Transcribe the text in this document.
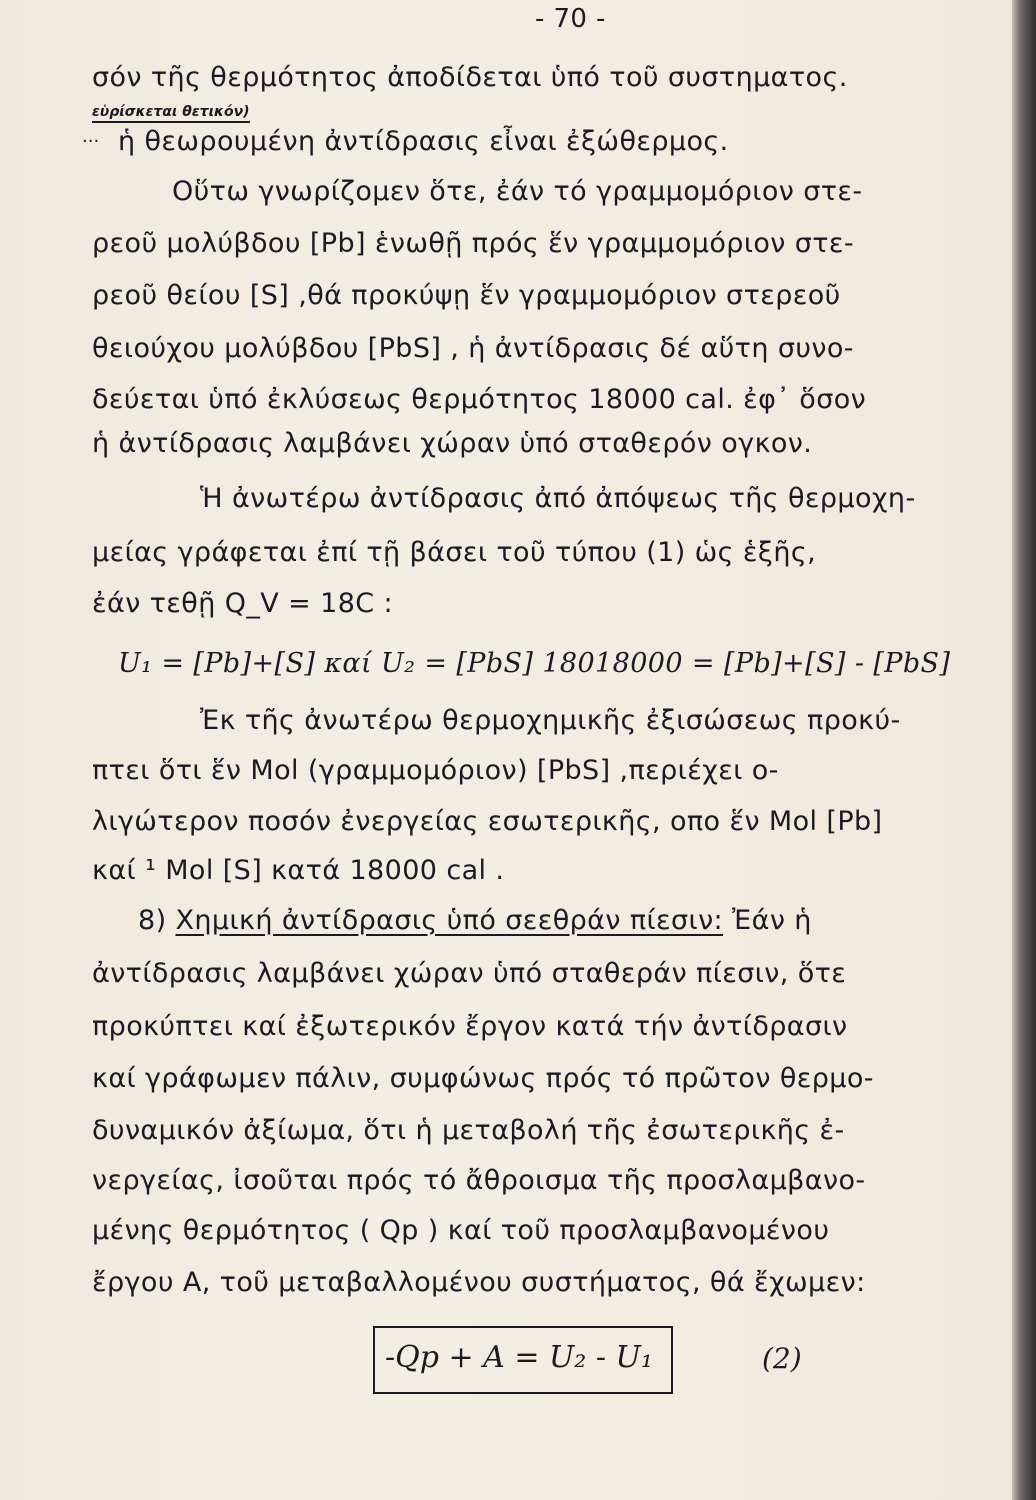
- 70 -
σόν τῆς θερμότητος ἀποδίδεται ὑπό τοῦ συστηματος.
εὑρίσκεται θετικόν)
... ἡ θεωρουμένη ἀντίδρασις εἶναι ἐξώθερμος.
Οὕτω γνωρίζομεν ὅτε, ἐάν τό γραμμομόριον στε-
ρεοῦ μολύβδου [Pb] ἑνωθῇ πρός ἕν γραμμομόριον στε-
ρεοῦ θείου [S] ,θά προκύψῃ ἕν γραμμομόριον στερεοῦ
θειούχου μολύβδου [PbS] , ἡ ἀντίδρασις δέ αὕτη συνο-
δεύεται ὑπό ἐκλύσεως θερμότητος 18000 cal. ἐφ᾽ ὅσον
ἡ ἀντίδρασις λαμβάνει χώραν ὑπό σταθερόν ογκον.
Ἡ ἀνωτέρω ἀντίδρασις ἀπό ἀπόψεως τῆς θερμοχη-
μείας γράφεται ἐπί τῇ βάσει τοῦ τύπου (1) ὡς ἑξῆς,
ἐάν τεθῇ Q_V = 18C :
U₁ = [Pb]+[S] καί U₂ = [PbS] 18018000 = [Pb]+[S] - [PbS]
Ἐκ τῆς ἀνωτέρω θερμοχημικῆς ἐξισώσεως προκύ-
πτει ὅτι ἕν Mol (γραμμομόριον) [PbS] ,περιέχει ο-
λιγώτερον ποσόν ἐνεργείας εσωτερικῆς, οπο ἕν Mol [Pb]
καί ¹ Mol [S] κατά 18000 cal .
8) Χημική ἀντίδρασις ὑπό σεεθράν πίεσιν: Ἐάν ἡ
ἀντίδρασις λαμβάνει χώραν ὑπό σταθεράν πίεσιν, ὅτε
προκύπτει καί ἐξωτερικόν ἔργον κατά τήν ἀντίδρασιν
καί γράφωμεν πάλιν, συμφώνως πρός τό πρῶτον θερμο-
δυναμικόν ἀξίωμα, ὅτι ἡ μεταβολή τῆς ἐσωτερικῆς ἐ-
νεργείας, ἰσοῦται πρός τό ἄθροισμα τῆς προσλαμβανο-
μένης θερμότητος ( Qp ) καί τοῦ προσλαμβανομένου
ἔργου A, τοῦ μεταβαλλομένου συστήματος, θά ἔχωμεν:
-Qp + A = U₂ - U₁	(2)
